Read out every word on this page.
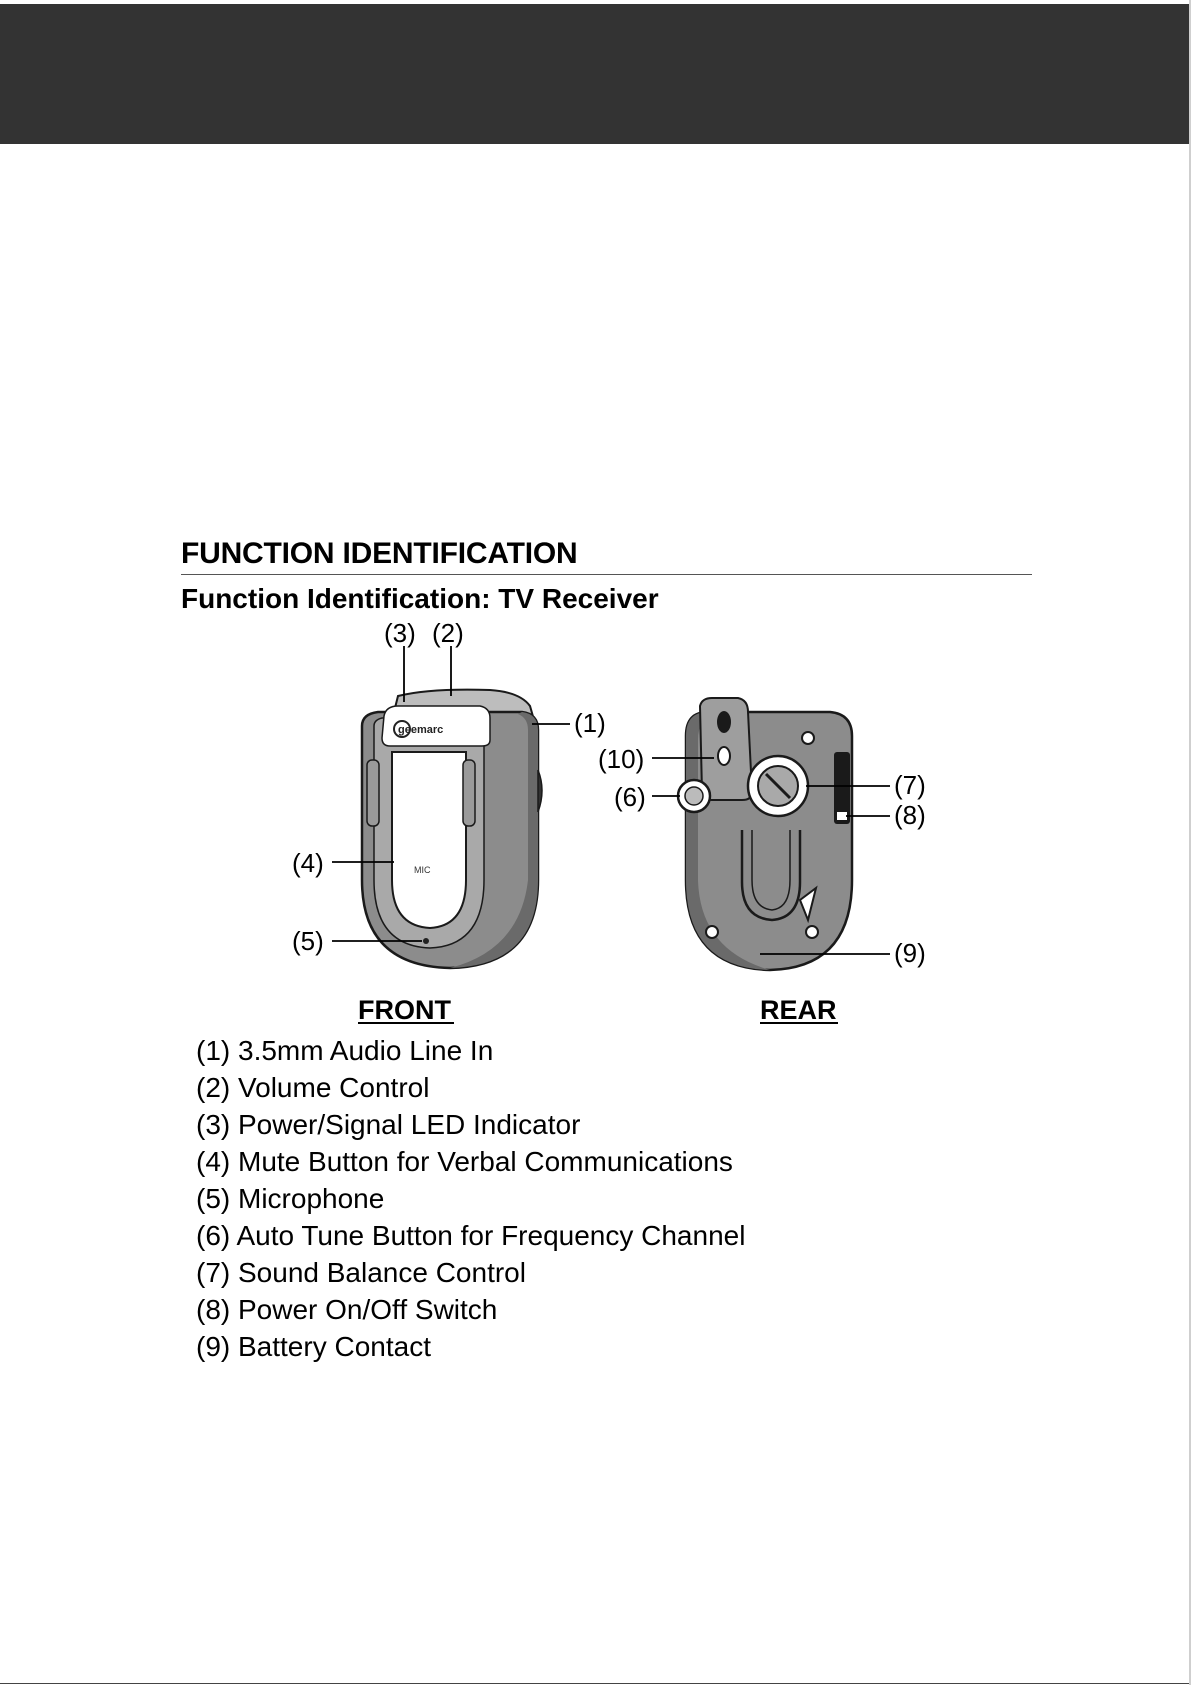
FUNCTION IDENTIFICATION
Function Identification: TV Receiver
geemarc
MIC
(3) (2)
(1)
(4)
(5)
(10)
(6)	(7)
(8)
(9)
FRONT	REAR
(1) 3.5mm Audio Line In
(2) Volume Control
(3) Power/Signal LED Indicator
(4) Mute Button for Verbal Communications
(5) Microphone
(6) Auto Tune Button for Frequency Channel
(7) Sound Balance Control
(8) Power On/Off Switch
(9) Battery Contact
